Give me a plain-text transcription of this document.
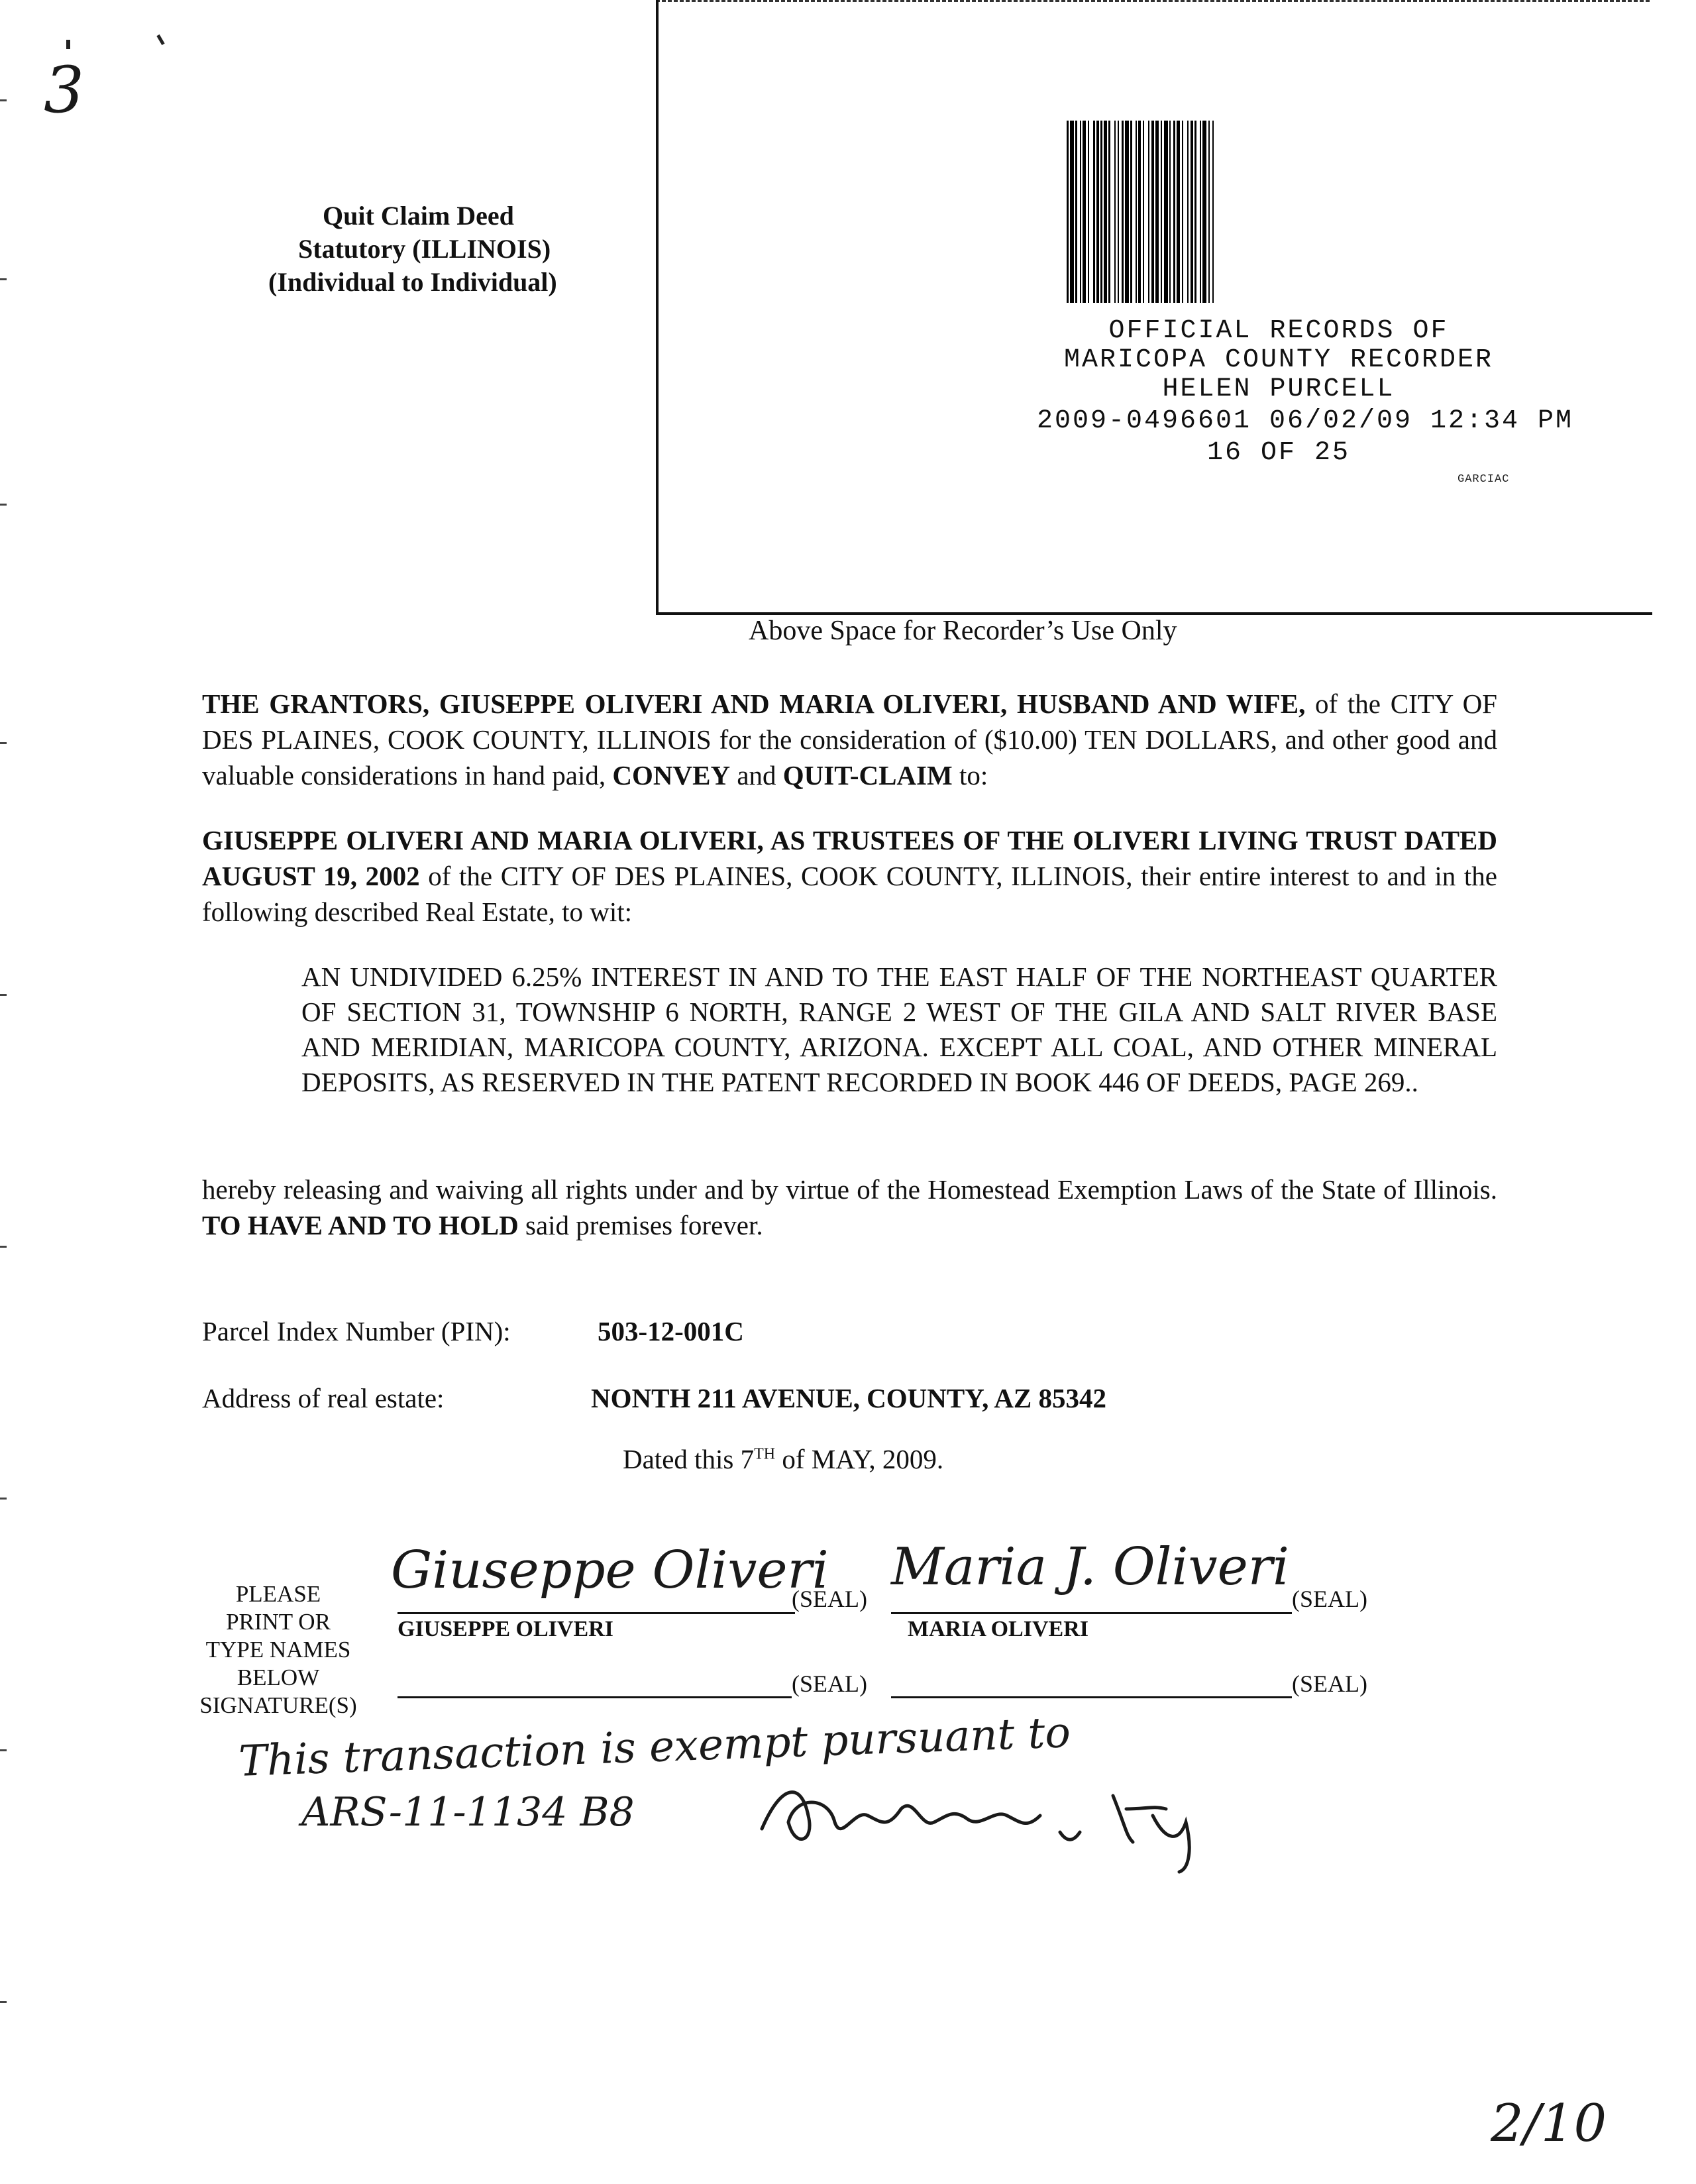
3
OFFICIAL RECORDS OF
MARICOPA COUNTY RECORDER
HELEN PURCELL
2009-0496601 06/02/09 12:34 PM
16 OF 25
GARCIAC
Quit Claim Deed
Statutory (ILLINOIS)
(Individual to Individual)
Above Space for Recorder’s Use Only
THE GRANTORS, GIUSEPPE OLIVERI AND MARIA OLIVERI, HUSBAND AND WIFE, of the CITY OF DES PLAINES, COOK COUNTY, ILLINOIS for the consideration of ($10.00) TEN DOLLARS, and other good and valuable considerations in hand paid, CONVEY and QUIT-CLAIM to:
GIUSEPPE OLIVERI AND MARIA OLIVERI, AS TRUSTEES OF THE OLIVERI LIVING TRUST DATED AUGUST 19, 2002 of the CITY OF DES PLAINES, COOK COUNTY, ILLINOIS, their entire interest to and in the following described Real Estate, to wit:
AN UNDIVIDED 6.25% INTEREST IN AND TO THE EAST HALF OF THE NORTHEAST QUARTER OF SECTION 31, TOWNSHIP 6 NORTH, RANGE 2 WEST OF THE GILA AND SALT RIVER BASE AND MERIDIAN, MARICOPA COUNTY, ARIZONA. EXCEPT ALL COAL, AND OTHER MINERAL DEPOSITS, AS RESERVED IN THE PATENT RECORDED IN BOOK 446 OF DEEDS, PAGE 269..
hereby releasing and waiving all rights under and by virtue of the Homestead Exemption Laws of the State of Illinois. TO HAVE AND TO HOLD said premises forever.
Parcel Index Number (PIN):	503-12-001C
Address of real estate:	NONTH 211 AVENUE, COUNTY, AZ 85342
Dated this 7TH of MAY, 2009.
PLEASE
PRINT OR
TYPE NAMES
BELOW
SIGNATURE(S)
Giuseppe Oliveri
(SEAL)
GIUSEPPE OLIVERI
Maria J. Oliveri
(SEAL)
MARIA OLIVERI
(SEAL)	(SEAL)
This transaction is exempt pursuant to
ARS-11-1134 B8
2/10
